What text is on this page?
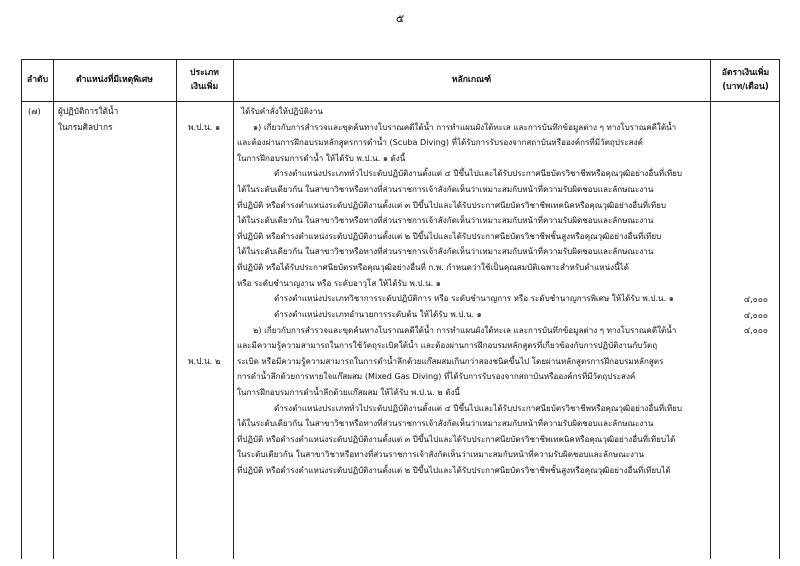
๕
ลำดับ	ตำแหน่งที่มีเหตุพิเศษ
ประเภท
เงินเพิ่ม
หลักเกณฑ์
อัตราเงินเพิ่ม
(บาท/เดือน)
(๗) ผู้ปฏิบัติการใต้น้ำ
ในกรมศิลปากร	พ.ป.น. ๑
พ.ป.น. ๒
ได้รับคำสั่งให้ปฏิบัติงาน
๑) เกี่ยวกับการสำรวจและขุดค้นทางโบราณคดีใต้น้ำ การทำแผนผังใต้ทะเล และการบันทึกข้อมูลต่าง ๆ ทางโบราณคดีใต้น้ำ
และต้องผ่านการฝึกอบรมหลักสูตรการดำน้ำ (Scuba Diving) ที่ได้รับการรับรองจากสถาบันหรือองค์กรที่มีวัตถุประสงค์
ในการฝึกอบรมการดำน้ำ ให้ได้รับ พ.ป.น. ๑ ดังนี้
ดำรงตำแหน่งประเภททั่วไประดับปฏิบัติงานตั้งแต่ ๔ ปีขึ้นไปและได้รับประกาศนียบัตรวิชาชีพหรือคุณวุฒิอย่างอื่นที่เทียบ
ได้ในระดับเดียวกัน ในสาขาวิชาหรือทางที่ส่วนราชการเจ้าสังกัดเห็นว่าเหมาะสมกับหน้าที่ความรับผิดชอบและลักษณะงาน
ที่ปฏิบัติ หรือดำรงตำแหน่งระดับปฏิบัติงานตั้งแต่ ๓ ปีขึ้นไปและได้รับประกาศนียบัตรวิชาชีพเทคนิคหรือคุณวุฒิอย่างอื่นที่เทียบ
ได้ในระดับเดียวกัน ในสาขาวิชาหรือทางที่ส่วนราชการเจ้าสังกัดเห็นว่าเหมาะสมกับหน้าที่ความรับผิดชอบและลักษณะงาน
ที่ปฏิบัติ หรือดำรงตำแหน่งระดับปฏิบัติงานตั้งแต่ ๒ ปีขึ้นไปและได้รับประกาศนียบัตรวิชาชีพชั้นสูงหรือคุณวุฒิอย่างอื่นที่เทียบ
ได้ในระดับเดียวกัน ในสาขาวิชาหรือทางที่ส่วนราชการเจ้าสังกัดเห็นว่าเหมาะสมกับหน้าที่ความรับผิดชอบและลักษณะงาน
ที่ปฏิบัติ หรือได้รับประกาศนียบัตรหรือคุณวุฒิอย่างอื่นที่ ก.พ. กำหนดว่าใช้เป็นคุณสมบัติเฉพาะสำหรับตำแหน่งนี้ได้
หรือ ระดับชำนาญงาน หรือ ระดับอาวุโส ให้ได้รับ พ.ป.น. ๑
ดำรงตำแหน่งประเภทวิชาการระดับปฏิบัติการ หรือ ระดับชำนาญการ หรือ ระดับชำนาญการพิเศษ ให้ได้รับ พ.ป.น. ๑
ดำรงตำแหน่งประเภทอำนวยการระดับต้น ให้ได้รับ พ.ป.น. ๑
๒) เกี่ยวกับการสำรวจและขุดค้นทางโบราณคดีใต้น้ำ การทำแผนผังใต้ทะเล และการบันทึกข้อมูลต่าง ๆ ทางโบราณคดีใต้น้ำ
และมีความรู้ความสามารถในการใช้วัตถุระเบิดใต้น้ำ และต้องผ่านการฝึกอบรมหลักสูตรที่เกี่ยวข้องกับการปฏิบัติงานกับวัตถุ
ระเบิด หรือมีความรู้ความสามารถในการดำน้ำลึกด้วยแก๊สผสมเกินกว่าสองชนิดขึ้นไป โดยผ่านหลักสูตรการฝึกอบรมหลักสูตร
การดำน้ำลึกด้วยการหายใจแก๊สผสม (Mixed Gas Diving) ที่ได้รับการรับรองจากสถาบันหรือองค์กรที่มีวัตถุประสงค์
ในการฝึกอบรมการดำน้ำลึกด้วยแก๊สผสม ให้ได้รับ พ.ป.น. ๒ ดังนี้
ดำรงตำแหน่งประเภททั่วไประดับปฏิบัติงานตั้งแต่ ๔ ปีขึ้นไปและได้รับประกาศนียบัตรวิชาชีพหรือคุณวุฒิอย่างอื่นที่เทียบ
ได้ในระดับเดียวกัน ในสาขาวิชาหรือทางที่ส่วนราชการเจ้าสังกัดเห็นว่าเหมาะสมกับหน้าที่ความรับผิดชอบและลักษณะงาน
ที่ปฏิบัติ หรือดำรงตำแหน่งระดับปฏิบัติงานตั้งแต่ ๓ ปีขึ้นไปและได้รับประกาศนียบัตรวิชาชีพเทคนิคหรือคุณวุฒิอย่างอื่นที่เทียบได้
ในระดับเดียวกัน ในสาขาวิชาหรือทางที่ส่วนราชการเจ้าสังกัดเห็นว่าเหมาะสมกับหน้าที่ความรับผิดชอบและลักษณะงาน
ที่ปฏิบัติ หรือดำรงตำแหน่งระดับปฏิบัติงานตั้งแต่ ๒ ปีขึ้นไปและได้รับประกาศนียบัตรวิชาชีพชั้นสูงหรือคุณวุฒิอย่างอื่นที่เทียบได้
๔,๐๐๐
๔,๐๐๐
๔,๐๐๐
